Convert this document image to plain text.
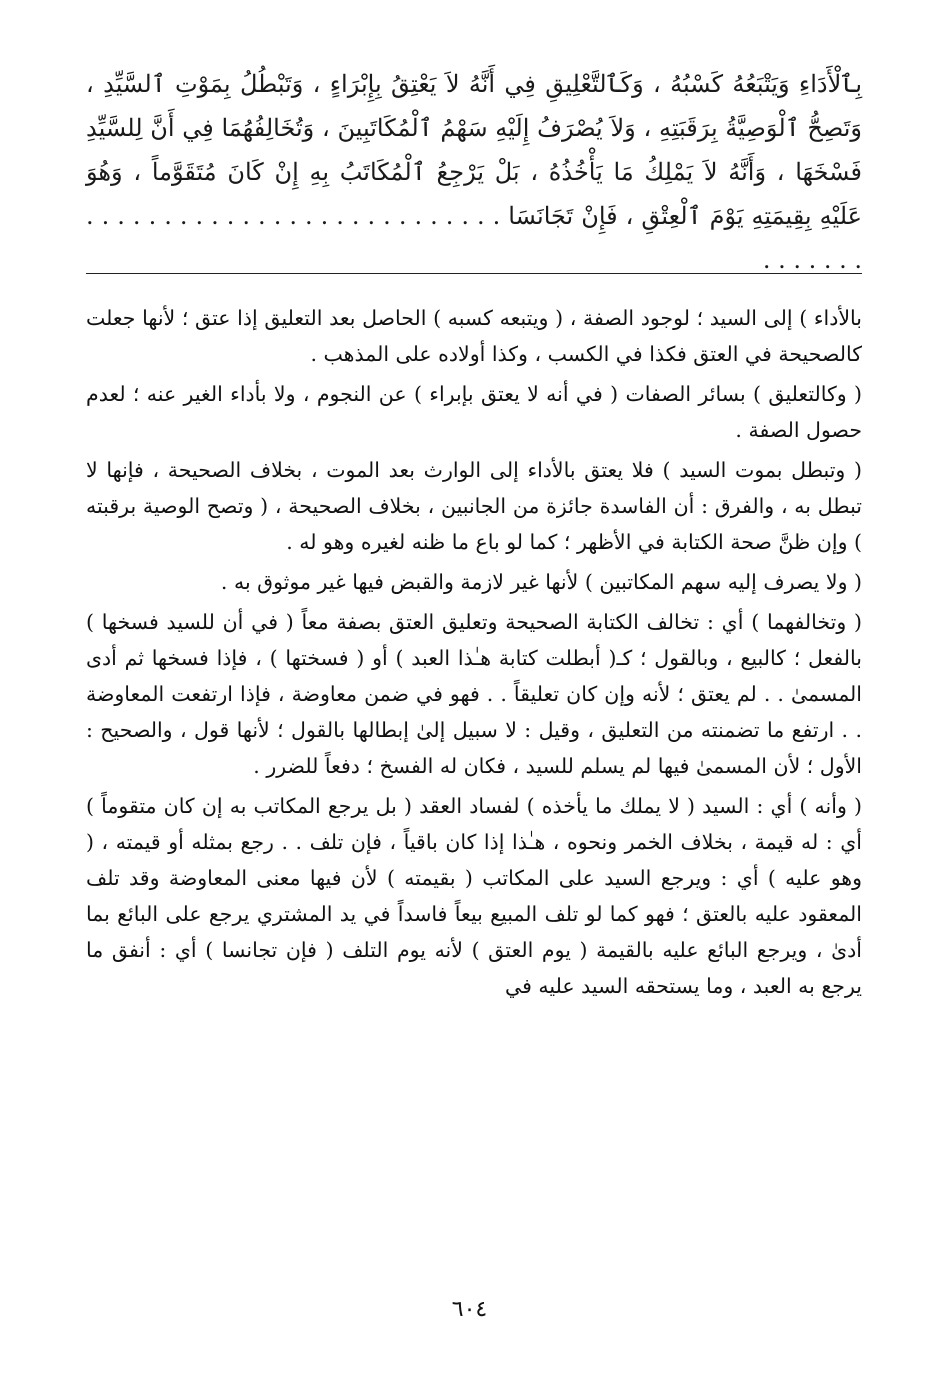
بِٱلْأَدَاءِ وَيَتْبَعُهُ كَسْبُهُ ، وَكَٱلتَّعْلِيقِ فِي أَنَّهُ لاَ يَعْتِقُ بِإِبْرَاءٍ ، وَتَبْطُلُ بِمَوْتِ ٱلسَّيِّدِ ، وَتَصِحُّ ٱلْوَصِيَّةُ بِرَقَبَتِهِ ، وَلاَ يُصْرَفُ إِلَيْهِ سَهْمُ ٱلْمُكَاتَبِينَ ، وَتُخَالِفُهُمَا فِي أَنَّ لِلسَّيِّدِ فَسْخَهَا ، وَأَنَّهُ لاَ يَمْلِكُ مَا يَأْخُذُهُ ، بَلْ يَرْجِعُ ٱلْمُكَاتَبُ بِهِ إِنْ كَانَ مُتَقَوَّماً ، وَهُوَ عَلَيْهِ بِقِيمَتِهِ يَوْمَ ٱلْعِتْقِ ، فَإِنْ تَجَانَسَا . . . . . . . . . . . . . . . . . . . . . . . . . . . . . . . . . .

بالأداء ) إلى السيد ؛ لوجود الصفة ، ( ويتبعه كسبه ) الحاصل بعد التعليق إذا عتق ؛ لأنها جعلت كالصحيحة في العتق فكذا في الكسب ، وكذا أولاده على المذهب .

( وكالتعليق ) بسائر الصفات ( في أنه لا يعتق بإبراء ) عن النجوم ، ولا بأداء الغير عنه ؛ لعدم حصول الصفة .

( وتبطل بموت السيد ) فلا يعتق بالأداء إلى الوارث بعد الموت ، بخلاف الصحيحة ، فإنها لا تبطل به ، والفرق : أن الفاسدة جائزة من الجانبين ، بخلاف الصحيحة ، ( وتصح الوصية برقبته ) وإن ظنَّ صحة الكتابة في الأظهر ؛ كما لو باع ما ظنه لغيره وهو له .

( ولا يصرف إليه سهم المكاتبين ) لأنها غير لازمة والقبض فيها غير موثوق به .

( وتخالفهما ) أي : تخالف الكتابة الصحيحة وتعليق العتق بصفة معاً ( في أن للسيد فسخها ) بالفعل ؛ كالبيع ، وبالقول ؛ كـ( أبطلت كتابة هـٰذا العبد ) أو ( فسختها ) ، فإذا فسخها ثم أدى المسمىٰ . . لم يعتق ؛ لأنه وإن كان تعليقاً . . فهو في ضمن معاوضة ، فإذا ارتفعت المعاوضة . . ارتفع ما تضمنته من التعليق ، وقيل : لا سبيل إلىٰ إبطالها بالقول ؛ لأنها قول ، والصحيح : الأول ؛ لأن المسمىٰ فيها لم يسلم للسيد ، فكان له الفسخ ؛ دفعاً للضرر .

( وأنه ) أي : السيد ( لا يملك ما يأخذه ) لفساد العقد ( بل يرجع المكاتب به إن كان متقوماً ) أي : له قيمة ، بخلاف الخمر ونحوه ، هـٰذا إذا كان باقياً ، فإن تلف . . رجع بمثله أو قيمته ، ( وهو عليه ) أي : ويرجع السيد على المكاتب ( بقيمته ) لأن فيها معنى المعاوضة وقد تلف المعقود عليه بالعتق ؛ فهو كما لو تلف المبيع بيعاً فاسداً في يد المشتري يرجع على البائع بما أدىٰ ، ويرجع البائع عليه بالقيمة ( يوم العتق ) لأنه يوم التلف ( فإن تجانسا ) أي : أنفق ما يرجع به العبد ، وما يستحقه السيد عليه في

٦٠٤
